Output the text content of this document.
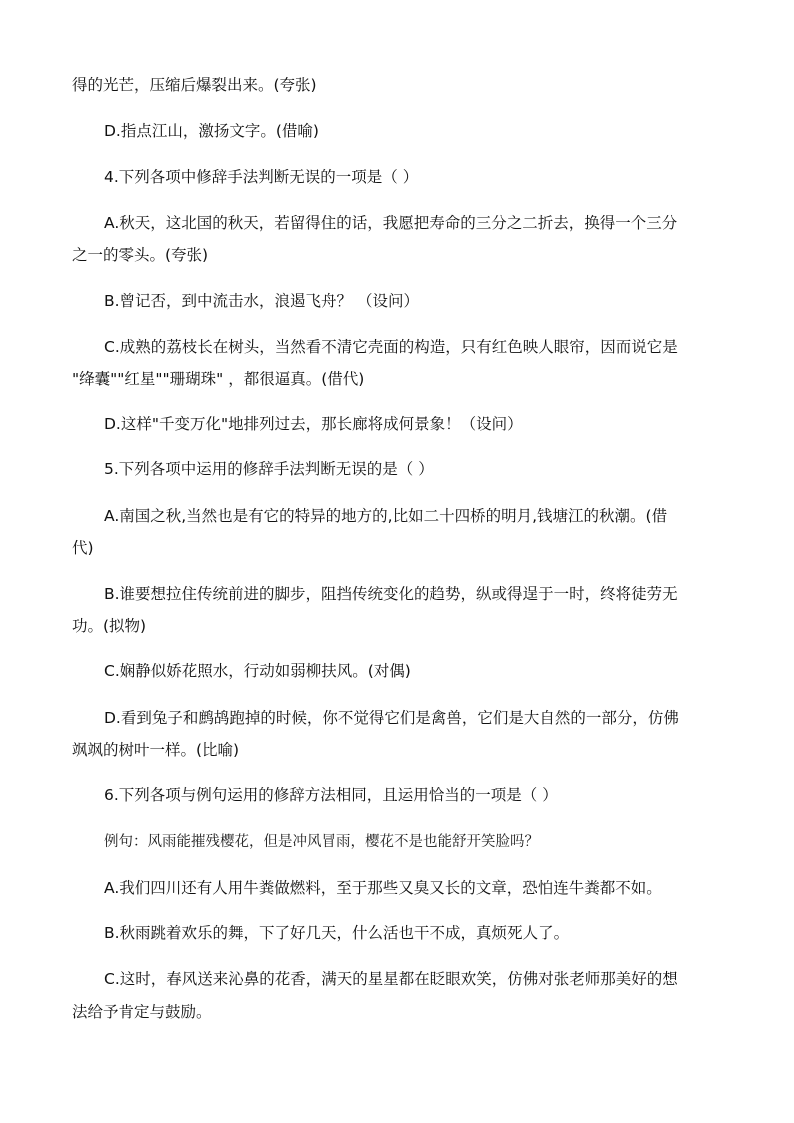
得的光芒，压缩后爆裂出来。(夸张)
D.指点江山，激扬文字。(借喻)
4.下列各项中修辞手法判断无误的一项是（ ）
A.秋天，这北国的秋天，若留得住的话，我愿把寿命的三分之二折去，换得一个三分
之一的零头。(夸张)
B.曾记否，到中流击水，浪遏飞舟？ （设问）
C.成熟的荔枝长在树头，当然看不清它壳面的构造，只有红色映人眼帘，因而说它是
"绛囊""红星""珊瑚珠" ，都很逼真。(借代)
D.这样"千变万化"地排列过去，那长廊将成何景象！（设问）
5.下列各项中运用的修辞手法判断无误的是（ ）
A.南国之秋,当然也是有它的特异的地方的,比如二十四桥的明月,钱塘江的秋潮。(借
代)
B.谁要想拉住传统前进的脚步，阻挡传统变化的趋势，纵或得逞于一时，终将徒劳无
功。(拟物)
C.娴静似娇花照水，行动如弱柳扶风。(对偶)
D.看到兔子和鹧鸪跑掉的时候，你不觉得它们是禽兽，它们是大自然的一部分，仿佛
飒飒的树叶一样。(比喻)
6.下列各项与例句运用的修辞方法相同，且运用恰当的一项是（ ）
例句：风雨能摧残樱花，但是冲风冒雨，樱花不是也能舒开笑脸吗？
A.我们四川还有人用牛粪做燃料，至于那些又臭又长的文章，恐怕连牛粪都不如。
B.秋雨跳着欢乐的舞，下了好几天，什么活也干不成，真烦死人了。
C.这时，春风送来沁鼻的花香，满天的星星都在眨眼欢笑，仿佛对张老师那美好的想
法给予肯定与鼓励。
